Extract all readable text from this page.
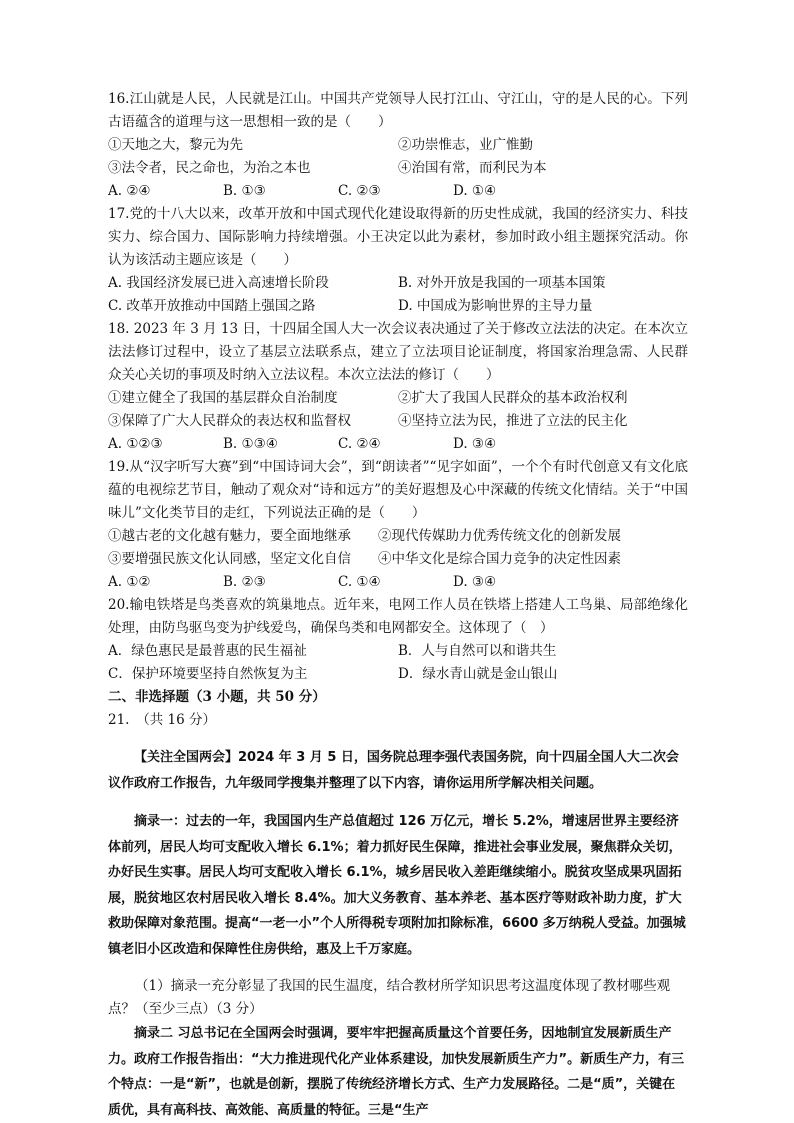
16.江山就是人民，人民就是江山。中国共产党领导人民打江山、守江山，守的是人民的心。下列古语蕴含的道理与这一思想相一致的是（　　）

①天地之大，黎元为先	②功崇惟志，业广惟勤
③法令者，民之命也，为治之本也	④治国有常，而利民为本
A. ②④	B. ①③	C. ②③	D. ①④

17.党的十八大以来，改革开放和中国式现代化建设取得新的历史性成就，我国的经济实力、科技实力、综合国力、国际影响力持续增强。小王决定以此为素材，参加时政小组主题探究活动。你认为该活动主题应该是（　　）

A. 我国经济发展已进入高速增长阶段	B. 对外开放是我国的一项基本国策
C. 改革开放推动中国踏上强国之路	D. 中国成为影响世界的主导力量

18. 2023 年 3 月 13 日，十四届全国人大一次会议表决通过了关于修改立法法的决定。在本次立法法修订过程中，设立了基层立法联系点，建立了立法项目论证制度，将国家治理急需、人民群众关心关切的事项及时纳入立法议程。本次立法法的修订（　　）

①建立健全了我国的基层群众自治制度	②扩大了我国人民群众的基本政治权利
③保障了广大人民群众的表达权和监督权	④坚持立法为民，推进了立法的民主化
A. ①②③	B. ①③④	C. ②④	D. ③④

19.从“汉字听写大赛”到“中国诗词大会”，到“朗读者”“见字如面”，一个个有时代创意又有文化底蕴的电视综艺节目，触动了观众对“诗和远方”的美好遐想及心中深藏的传统文化情结。关于“中国味儿”文化类节目的走红，下列说法正确的是（　　）

①越古老的文化越有魅力，要全面地继承	②现代传媒助力优秀传统文化的创新发展
③要增强民族文化认同感，坚定文化自信	④中华文化是综合国力竞争的决定性因素
A. ①②	B. ②③	C. ①④	D. ③④

20.输电铁塔是鸟类喜欢的筑巢地点。近年来，电网工作人员在铁塔上搭建人工鸟巢、局部绝缘化处理，由防鸟驱鸟变为护线爱鸟，确保鸟类和电网都安全。这体现了（　）

A．绿色惠民是最普惠的民生福祉	B．人与自然可以和谐共生
C．保护环境要坚持自然恢复为主	D．绿水青山就是金山银山
二、非选择题（3 小题，共 50 分）
21.　（共 16 分）

【关注全国两会】2024 年 3 月 5 日，国务院总理李强代表国务院，向十四届全国人大二次会议作政府工作报告，九年级同学搜集并整理了以下内容，请你运用所学解决相关问题。

摘录一：过去的一年，我国国内生产总值超过 126 万亿元，增长 5.2%，增速居世界主要经济体前列，居民人均可支配收入增长 6.1%；着力抓好民生保障，推进社会事业发展，聚焦群众关切，办好民生实事。居民人均可支配收入增长 6.1%，城乡居民收入差距继续缩小。脱贫攻坚成果巩固拓展，脱贫地区农村居民收入增长 8.4%。加大义务教育、基本养老、基本医疗等财政补助力度，扩大救助保障对象范围。提高“一老一小”个人所得税专项附加扣除标准，6600 多万纳税人受益。加强城镇老旧小区改造和保障性住房供给，惠及上千万家庭。

（1）摘录一充分彰显了我国的民生温度，结合教材所学知识思考这温度体现了教材哪些观点？（至少三点）（3 分）

摘录二 习总书记在全国两会时强调，要牢牢把握高质量这个首要任务，因地制宜发展新质生产力。政府工作报告指出：“大力推进现代化产业体系建设，加快发展新质生产力”。新质生产力，有三个特点：一是“新”，也就是创新，摆脱了传统经济增长方式、生产力发展路径。二是“质”，关键在质优，具有高科技、高效能、高质量的特征。三是“生产
